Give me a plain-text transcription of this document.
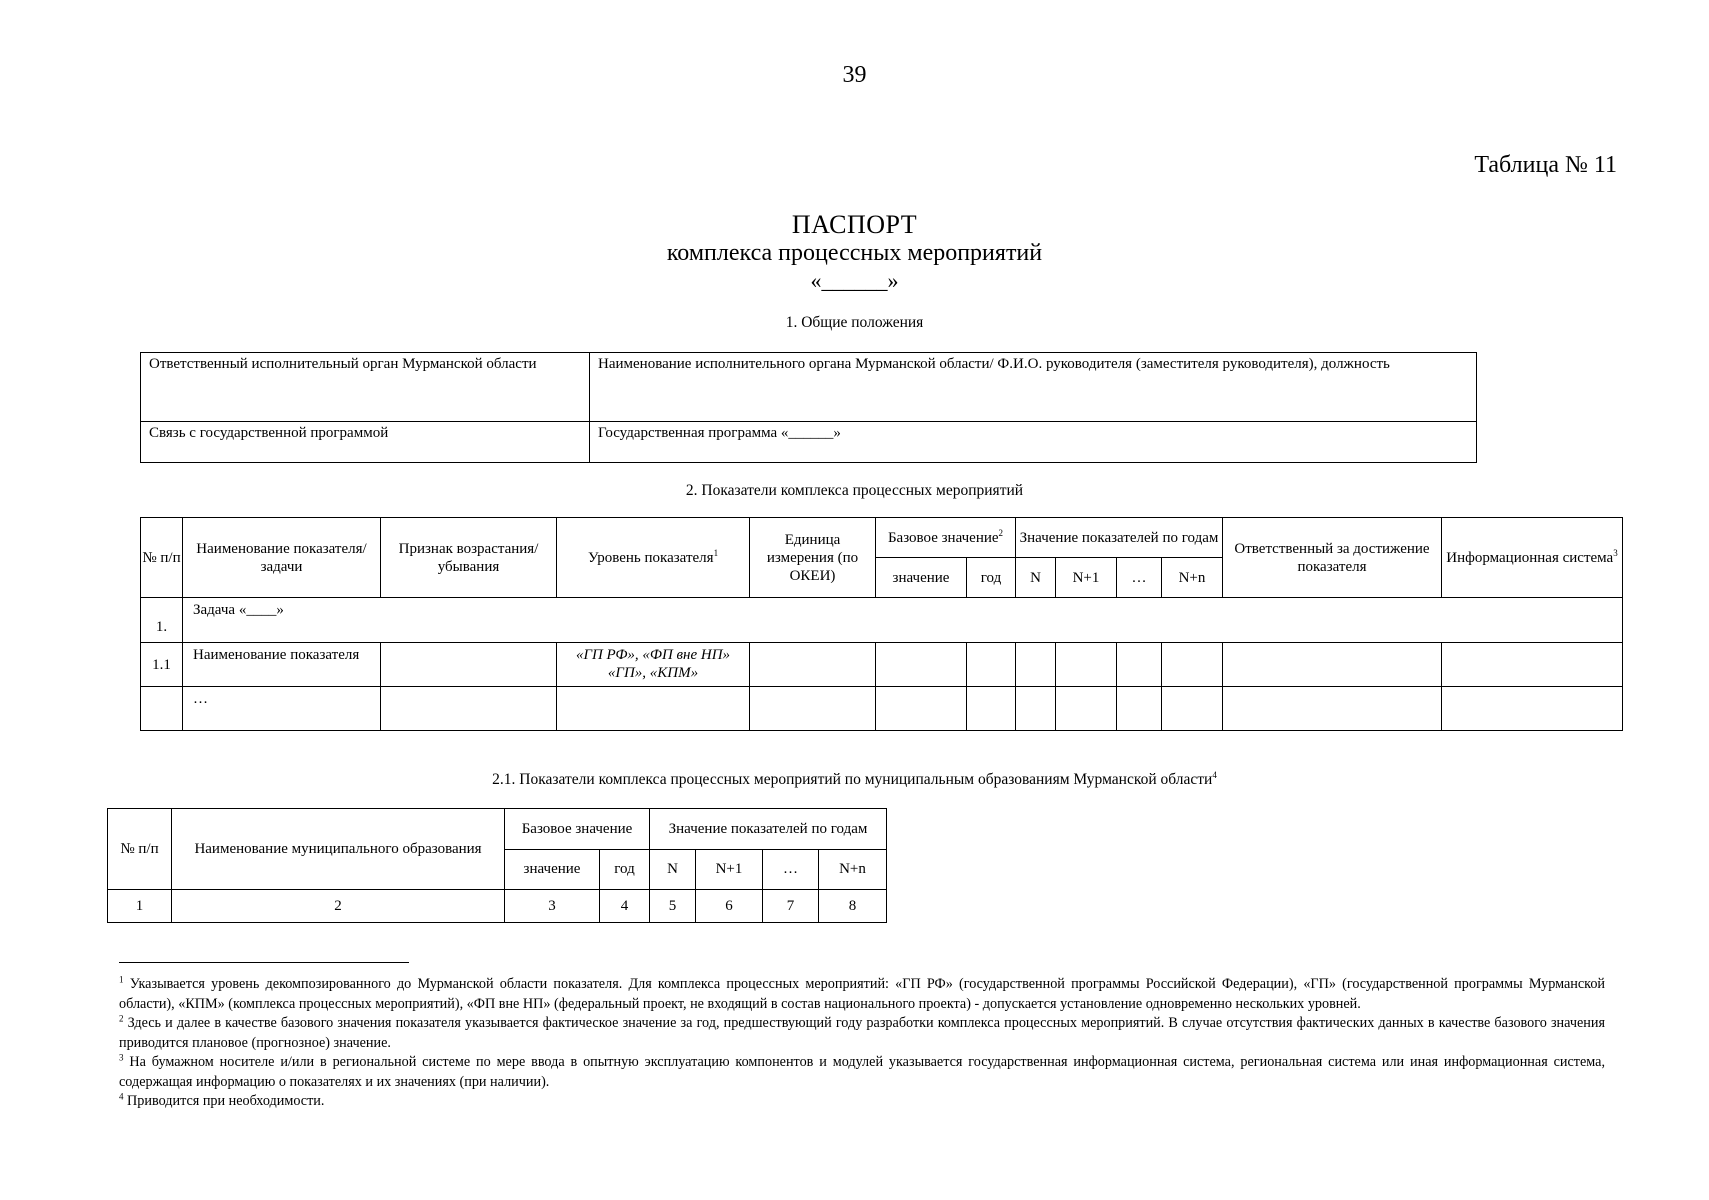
39
Таблица № 11
ПАСПОРТ
комплекса процессных мероприятий
«______»
1. Общие положения
Ответственный исполнительный орган Мурманской области	Наименование исполнительного органа Мурманской области/ Ф.И.О. руководителя (заместителя руководителя), должность
Связь с государственной программой	Государственная программа «______»
2. Показатели комплекса процессных мероприятий
№ п/п	Наименование показателя/задачи	Признак возрастания/ убывания	Уровень показателя$^1$	Единица измерения (по ОКЕИ)	Базовое значение$^2$		Значение показателей по годам				Ответственный за достижение показателя	Информационная система$^3$
					значение	год	N	N+1	…	N+n		
1.	Задача «____»											
1.1	Наименование показателя		«ГП РФ», «ФП вне НП» «ГП», «КПМ»									
	…											
2.1. Показатели комплекса процессных мероприятий по муниципальным образованиям Мурманской области$^4$
№ п/п	Наименование муниципального образования	Базовое значение		Значение показателей по годам			
		значение	год	N	N+1	…	N+n
1	2	3	4	5	6	7	8

$^1$ Указывается уровень декомпозированного до Мурманской области показателя. Для комплекса процессных мероприятий: «ГП РФ» (государственной программы Российской Федерации), «ГП» (государственной программы Мурманской области), «КПМ» (комплекса процессных мероприятий), «ФП вне НП» (федеральный проект, не входящий в состав национального проекта) - допускается установление одновременно нескольких уровней.

$^2$ Здесь и далее в качестве базового значения показателя указывается фактическое значение за год, предшествующий году разработки комплекса процессных мероприятий. В случае отсутствия фактических данных в качестве базового значения приводится плановое (прогнозное) значение.

$^3$ На бумажном носителе и/или в региональной системе по мере ввода в опытную эксплуатацию компонентов и модулей указывается государственная информационная система, региональная система или иная информационная система, содержащая информацию о показателях и их значениях (при наличии).

$^4$ Приводится при необходимости.
